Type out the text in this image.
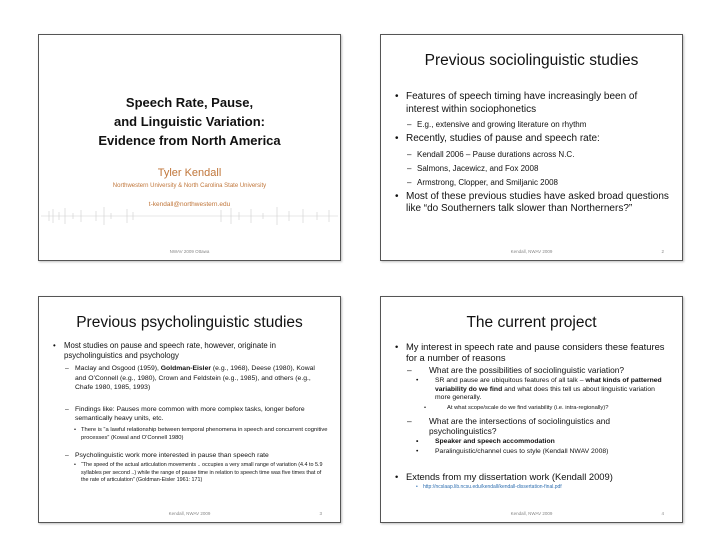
Speech Rate, Pause,
and Linguistic Variation:
Evidence from North America
Tyler Kendall
Northwestern University & North Carolina State University
t-kendall@northwestern.edu
NWAV 2009 Ottawa
Previous sociolinguistic studies
• Features of speech timing have increasingly been of interest within sociophonetics
– E.g., extensive and growing literature on rhythm
• Recently, studies of pause and speech rate:
– Kendall 2006 – Pause durations across N.C.
– Salmons, Jacewicz, and Fox 2008
– Armstrong, Clopper, and Smiljanic 2008
• Most of these previous studies have asked broad questions like “do Southerners talk slower than Northerners?”
Kendall, NWAV 2009	2
Previous psycholinguistic studies
• Most studies on pause and speech rate, however, originate in psycholinguistics and psychology
– Maclay and Osgood (1959), Goldman-Eisler (e.g., 1968), Deese (1980), Kowal and O’Connell (e.g., 1980), Crown and Feldstein (e.g., 1985), and others (e.g., Chafe 1980, 1985, 1993)
– Findings like: Pauses more common with more complex tasks, longer before semantically heavy units, etc.
• There is “a lawful relationship between temporal phenomena in speech and concurrent cognitive processes” (Kowal and O’Connell 1980)
– Psycholinguistic work more interested in pause than speech rate
• “The speed of the actual articulation movements .. occupies a very small range of variation (4.4 to 5.9 syllables per second ..) while the range of pause time in relation to speech time was five times that of the rate of articulation” (Goldman-Eisler 1961: 171)
Kendall, NWAV 2009	3
The current project
• My interest in speech rate and pause considers these features for a number of reasons
– What are the possibilities of sociolinguistic variation?
• SR and pause are ubiquitous features of all talk – what kinds of patterned variability do we find and what does this tell us about linguistic variation more generally.
• At what scope/scale do we find variability (i.e. intra-regionally)?
– What are the intersections of sociolinguistics and psycholinguistics?
• Speaker and speech accommodation
• Paralinguistic/channel cues to style (Kendall NWAV 2008)
• Extends from my dissertation work (Kendall 2009)
• http://ncslaap.lib.ncsu.edu/kendall/kendall-dissertation-final.pdf
Kendall, NWAV 2009	4
